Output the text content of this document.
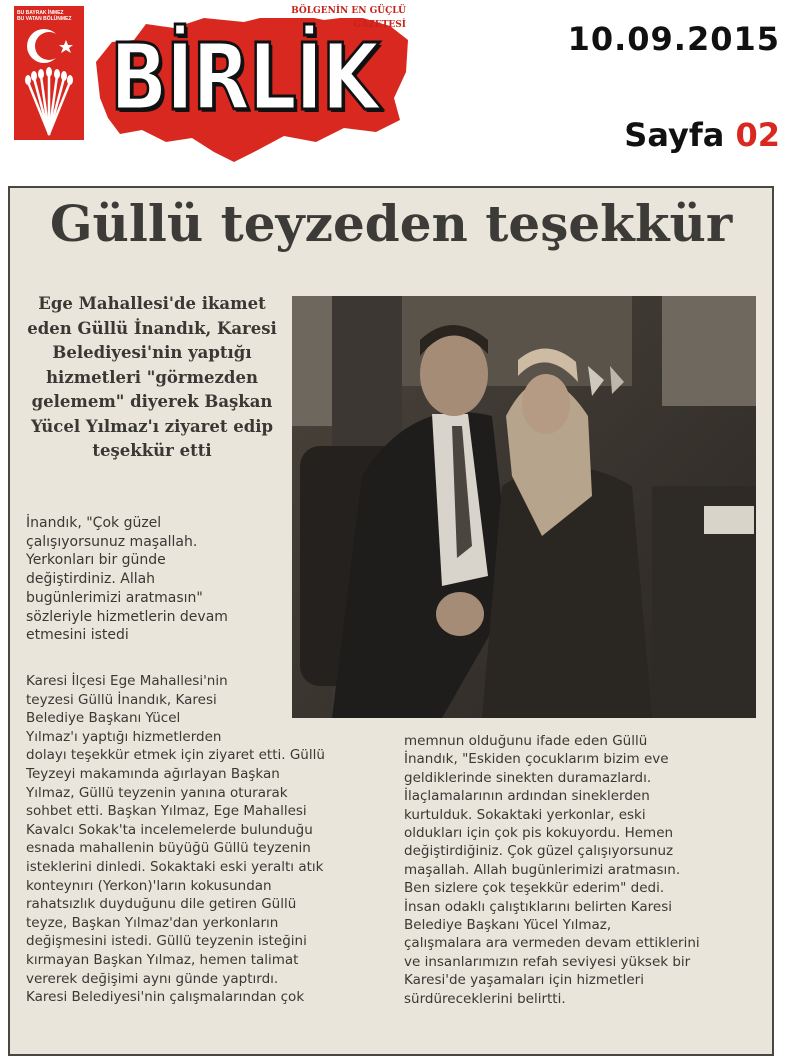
BU BAYRAK İNMEZ
BU VATAN BÖLÜNMEZ
BÖLGENİN EN GÜÇLÜ GAZETESİ
BİRLİK	10.09.2015
Sayfa 02
Güllü teyzeden teşekkür
Ege Mahallesi'de ikamet eden Güllü İnandık, Karesi Belediyesi'nin yaptığı hizmetleri "görmezden gelemem" diyerek Başkan Yücel Yılmaz'ı ziyaret edip teşekkür etti
İnandık, "Çok güzel
çalışıyorsunuz maşallah.
Yerkonları bir günde
değiştirdiniz. Allah
bugünlerimizi aratmasın"
sözleriyle hizmetlerin devam
etmesini istedi
Karesi İlçesi Ege Mahallesi'nin
teyzesi Güllü İnandık, Karesi
Belediye Başkanı Yücel
Yılmaz'ı yaptığı hizmetlerden
dolayı teşekkür etmek için ziyaret etti. Güllü
Teyzeyi makamında ağırlayan Başkan
Yılmaz, Güllü teyzenin yanına oturarak
sohbet etti. Başkan Yılmaz, Ege Mahallesi
Kavalcı Sokak'ta incelemelerde bulunduğu
esnada mahallenin büyüğü Güllü teyzenin
isteklerini dinledi. Sokaktaki eski yeraltı atık
konteynırı (Yerkon)'ların kokusundan
rahatsızlık duyduğunu dile getiren Güllü
teyze, Başkan Yılmaz'dan yerkonların
değişmesini istedi. Güllü teyzenin isteğini
kırmayan Başkan Yılmaz, hemen talimat
vererek değişimi aynı günde yaptırdı.
Karesi Belediyesi'nin çalışmalarından çok
memnun olduğunu ifade eden Güllü
İnandık, "Eskiden çocuklarım bizim eve
geldiklerinde sinekten duramazlardı.
İlaçlamalarının ardından sineklerden
kurtulduk. Sokaktaki yerkonlar, eski
oldukları için çok pis kokuyordu. Hemen
değiştirdiğiniz. Çok güzel çalışıyorsunuz
maşallah. Allah bugünlerimizi aratmasın.
Ben sizlere çok teşekkür ederim" dedi.
İnsan odaklı çalıştıklarını belirten Karesi
Belediye Başkanı Yücel Yılmaz,
çalışmalara ara vermeden devam ettiklerini
ve insanlarımızın refah seviyesi yüksek bir
Karesi'de yaşamaları için hizmetleri
sürdüreceklerini belirtti.
